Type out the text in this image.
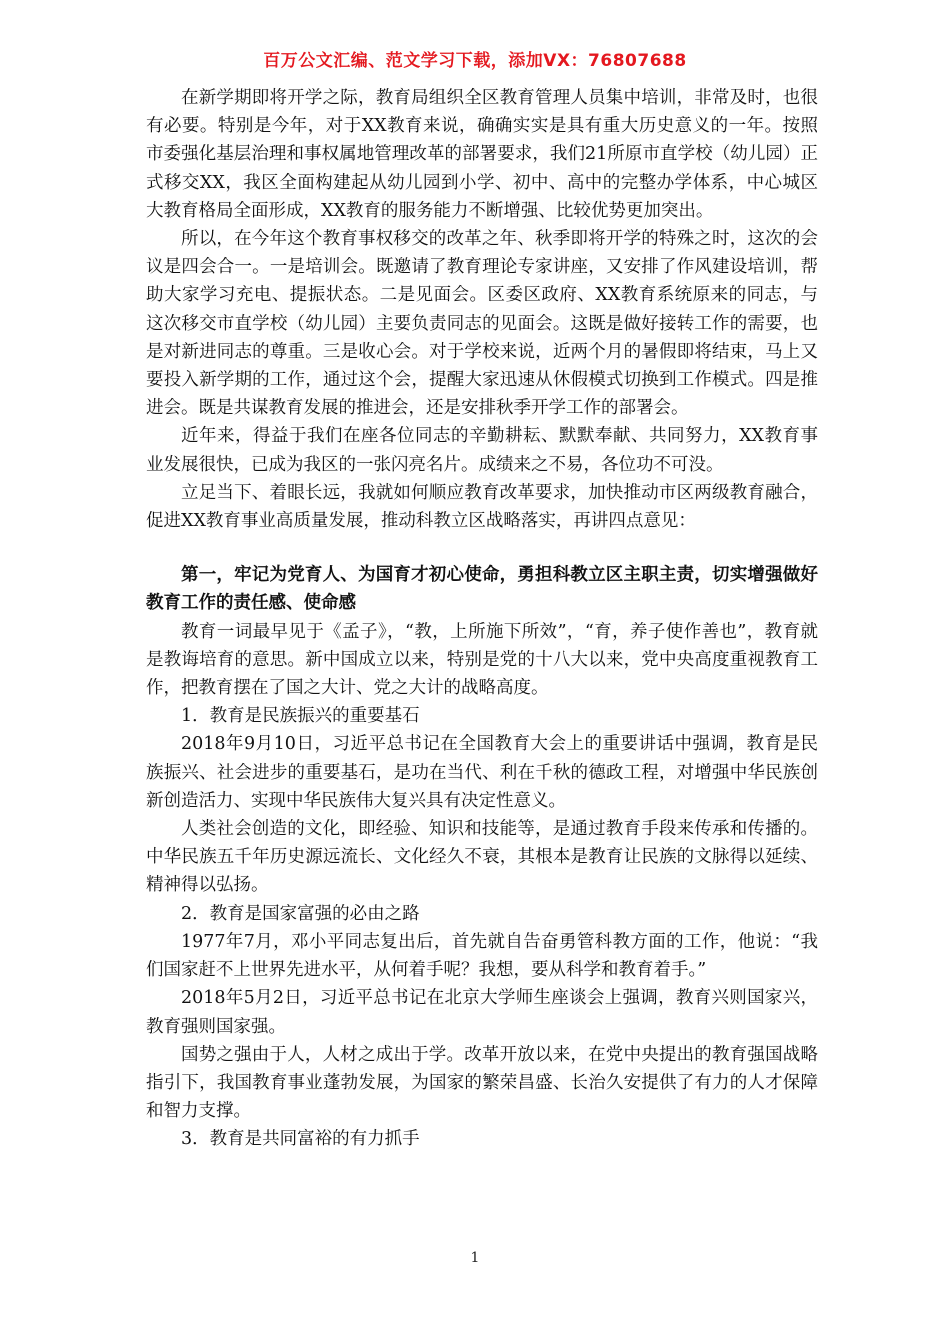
百万公文汇编、范文学习下载，添加VX：76807688

在新学期即将开学之际，教育局组织全区教育管理人员集中培训，非常及时，也很有必要。特别是今年，对于XX教育来说，确确实实是具有重大历史意义的一年。按照市委强化基层治理和事权属地管理改革的部署要求，我们21所原市直学校（幼儿园）正式移交XX，我区全面构建起从幼儿园到小学、初中、高中的完整办学体系，中心城区大教育格局全面形成，XX教育的服务能力不断增强、比较优势更加突出。

所以，在今年这个教育事权移交的改革之年、秋季即将开学的特殊之时，这次的会议是四会合一。一是培训会。既邀请了教育理论专家讲座，又安排了作风建设培训，帮助大家学习充电、提振状态。二是见面会。区委区政府、XX教育系统原来的同志，与这次移交市直学校（幼儿园）主要负责同志的见面会。这既是做好接转工作的需要，也是对新进同志的尊重。三是收心会。对于学校来说，近两个月的暑假即将结束，马上又要投入新学期的工作，通过这个会，提醒大家迅速从休假模式切换到工作模式。四是推进会。既是共谋教育发展的推进会，还是安排秋季开学工作的部署会。

近年来，得益于我们在座各位同志的辛勤耕耘、默默奉献、共同努力，XX教育事业发展很快，已成为我区的一张闪亮名片。成绩来之不易，各位功不可没。

立足当下、着眼长远，我就如何顺应教育改革要求，加快推动市区两级教育融合，促进XX教育事业高质量发展，推动科教立区战略落实，再讲四点意见：

第一，牢记为党育人、为国育才初心使命，勇担科教立区主职主责，切实增强做好教育工作的责任感、使命感

教育一词最早见于《孟子》，“教，上所施下所效”，“育，养子使作善也”，教育就是教诲培育的意思。新中国成立以来，特别是党的十八大以来，党中央高度重视教育工作，把教育摆在了国之大计、党之大计的战略高度。

1．教育是民族振兴的重要基石

2018年9月10日，习近平总书记在全国教育大会上的重要讲话中强调，教育是民族振兴、社会进步的重要基石，是功在当代、利在千秋的德政工程，对增强中华民族创新创造活力、实现中华民族伟大复兴具有决定性意义。

人类社会创造的文化，即经验、知识和技能等，是通过教育手段来传承和传播的。中华民族五千年历史源远流长、文化经久不衰，其根本是教育让民族的文脉得以延续、精神得以弘扬。

2．教育是国家富强的必由之路

1977年7月，邓小平同志复出后，首先就自告奋勇管科教方面的工作，他说：“我们国家赶不上世界先进水平，从何着手呢？我想，要从科学和教育着手。”

2018年5月2日，习近平总书记在北京大学师生座谈会上强调，教育兴则国家兴，教育强则国家强。

国势之强由于人，人材之成出于学。改革开放以来，在党中央提出的教育强国战略指引下，我国教育事业蓬勃发展，为国家的繁荣昌盛、长治久安提供了有力的人才保障和智力支撑。

3．教育是共同富裕的有力抓手

1
